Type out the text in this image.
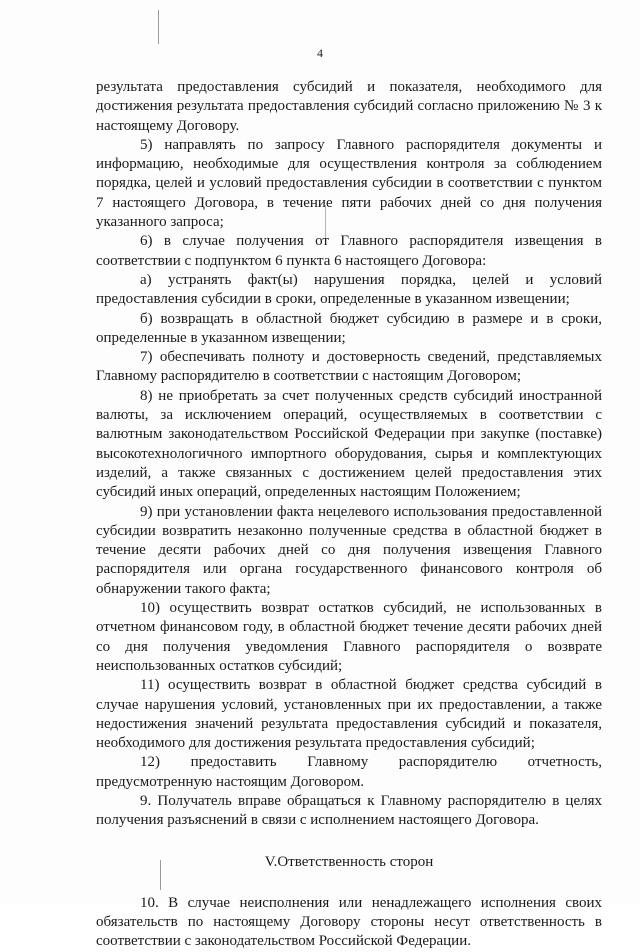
4

результата предоставления субсидий и показателя, необходимого для достижения результата предоставления субсидий согласно приложению № 3 к настоящему Договору.

5) направлять по запросу Главного распорядителя документы и информацию, необходимые для осуществления контроля за соблюдением порядка, целей и условий предоставления субсидии в соответствии с пунктом 7 настоящего Договора, в течение пяти рабочих дней со дня получения указанного запроса;

6) в случае получения от Главного распорядителя извещения в соответствии с подпунктом 6 пункта 6 настоящего Договора:

а) устранять факт(ы) нарушения порядка, целей и условий предоставления субсидии в сроки, определенные в указанном извещении;

б) возвращать в областной бюджет субсидию в размере и в сроки, определенные в указанном извещении;

7) обеспечивать полноту и достоверность сведений, представляемых Главному распорядителю в соответствии с настоящим Договором;

8) не приобретать за счет полученных средств субсидий иностранной валюты, за исключением операций, осуществляемых в соответствии с валютным законодательством Российской Федерации при закупке (поставке) высокотехнологичного импортного оборудования, сырья и комплектующих изделий, а также связанных с достижением целей предоставления этих субсидий иных операций, определенных настоящим Положением;

9) при установлении факта нецелевого использования предоставленной субсидии возвратить незаконно полученные средства в областной бюджет в течение десяти рабочих дней со дня получения извещения Главного распорядителя или органа государственного финансового контроля об обнаружении такого факта;

10) осуществить возврат остатков субсидий, не использованных в отчетном финансовом году, в областной бюджет течение десяти рабочих дней со дня получения уведомления Главного распорядителя о возврате неиспользованных остатков субсидий;

11) осуществить возврат в областной бюджет средства субсидий в случае нарушения условий, установленных при их предоставлении, а также недостижения значений результата предоставления субсидий и показателя, необходимого для достижения результата предоставления субсидий;

12) предоставить Главному распорядителю отчетность, предусмотренную настоящим Договором.

9. Получатель вправе обращаться к Главному распорядителю в целях получения разъяснений в связи с исполнением настоящего Договора.

V.Ответственность сторон

10. В случае неисполнения или ненадлежащего исполнения своих обязательств по настоящему Договору стороны несут ответственность в соответствии с законодательством Российской Федерации.
